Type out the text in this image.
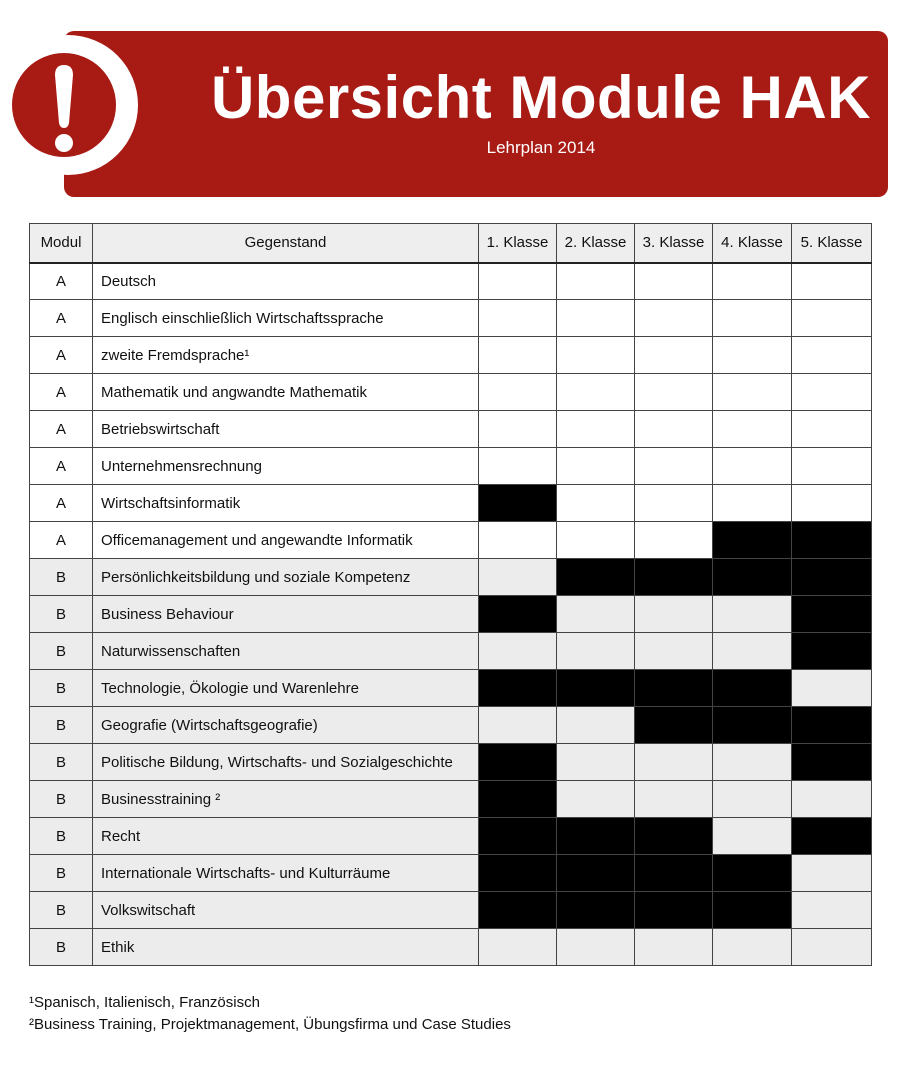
Übersicht Module HAK
Lehrplan 2014
Modul	Gegenstand	1. Klasse	2. Klasse	3. Klasse	4. Klasse	5. Klasse
A	Deutsch					
A	Englisch einschließlich Wirtschaftssprache					
A	zweite Fremdsprache¹					
A	Mathematik und angwandte Mathematik					
A	Betriebswirtschaft					
A	Unternehmensrechnung					
A	Wirtschaftsinformatik					
A	Officemanagement und angewandte Informatik					
B	Persönlichkeitsbildung und soziale Kompetenz					
B	Business Behaviour					
B	Naturwissenschaften					
B	Technologie, Ökologie und Warenlehre					
B	Geografie (Wirtschaftsgeografie)					
B	Politische Bildung, Wirtschafts- und Sozialgeschichte					
B	Businesstraining ²					
B	Recht					
B	Internationale Wirtschafts- und Kulturräume					
B	Volkswitschaft					
B	Ethik					
¹Spanisch, Italienisch, Französisch
²Business Training, Projektmanagement, Übungsfirma und Case Studies
